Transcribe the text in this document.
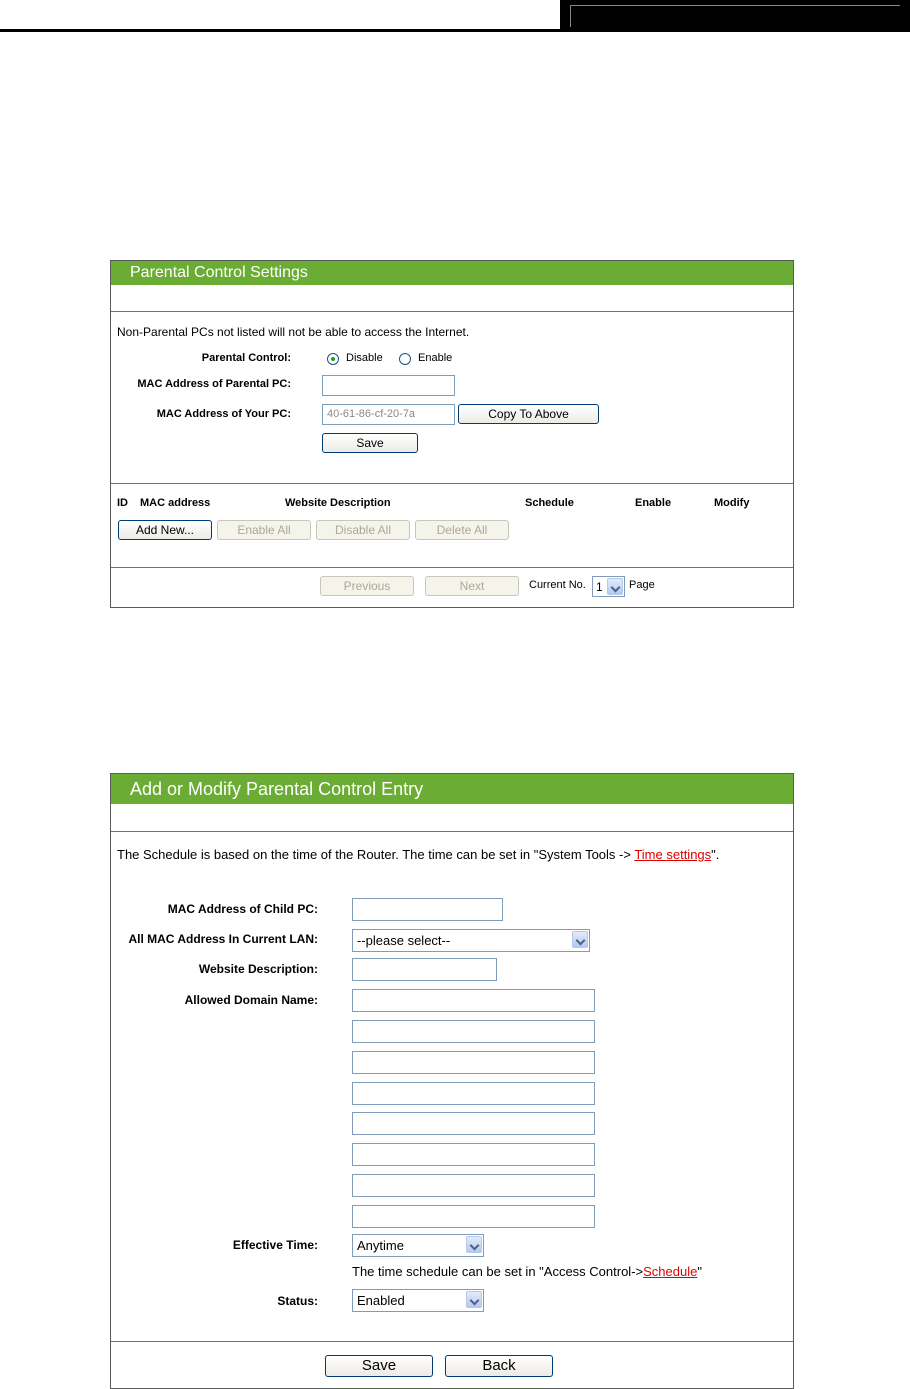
Parental Control Settings
Non-Parental PCs not listed will not be able to access the Internet.
Parental Control:	Disable	Enable
MAC Address of Parental PC:
MAC Address of Your PC:	40-61-86-cf-20-7a	Copy To Above
Save
ID MAC address	Website Description	Schedule	Enable	Modify
Add New...	Enable All	Disable All	Delete All
Previous	Next	Current No. 1	Page
Add or Modify Parental Control Entry
The Schedule is based on the time of the Router. The time can be set in "System Tools -> Time settings".
MAC Address of Child PC:
All MAC Address In Current LAN:	--please select--
Website Description:
Allowed Domain Name:
Effective Time:	Anytime
The time schedule can be set in "Access Control->Schedule"
Status:	Enabled
Save	Back
